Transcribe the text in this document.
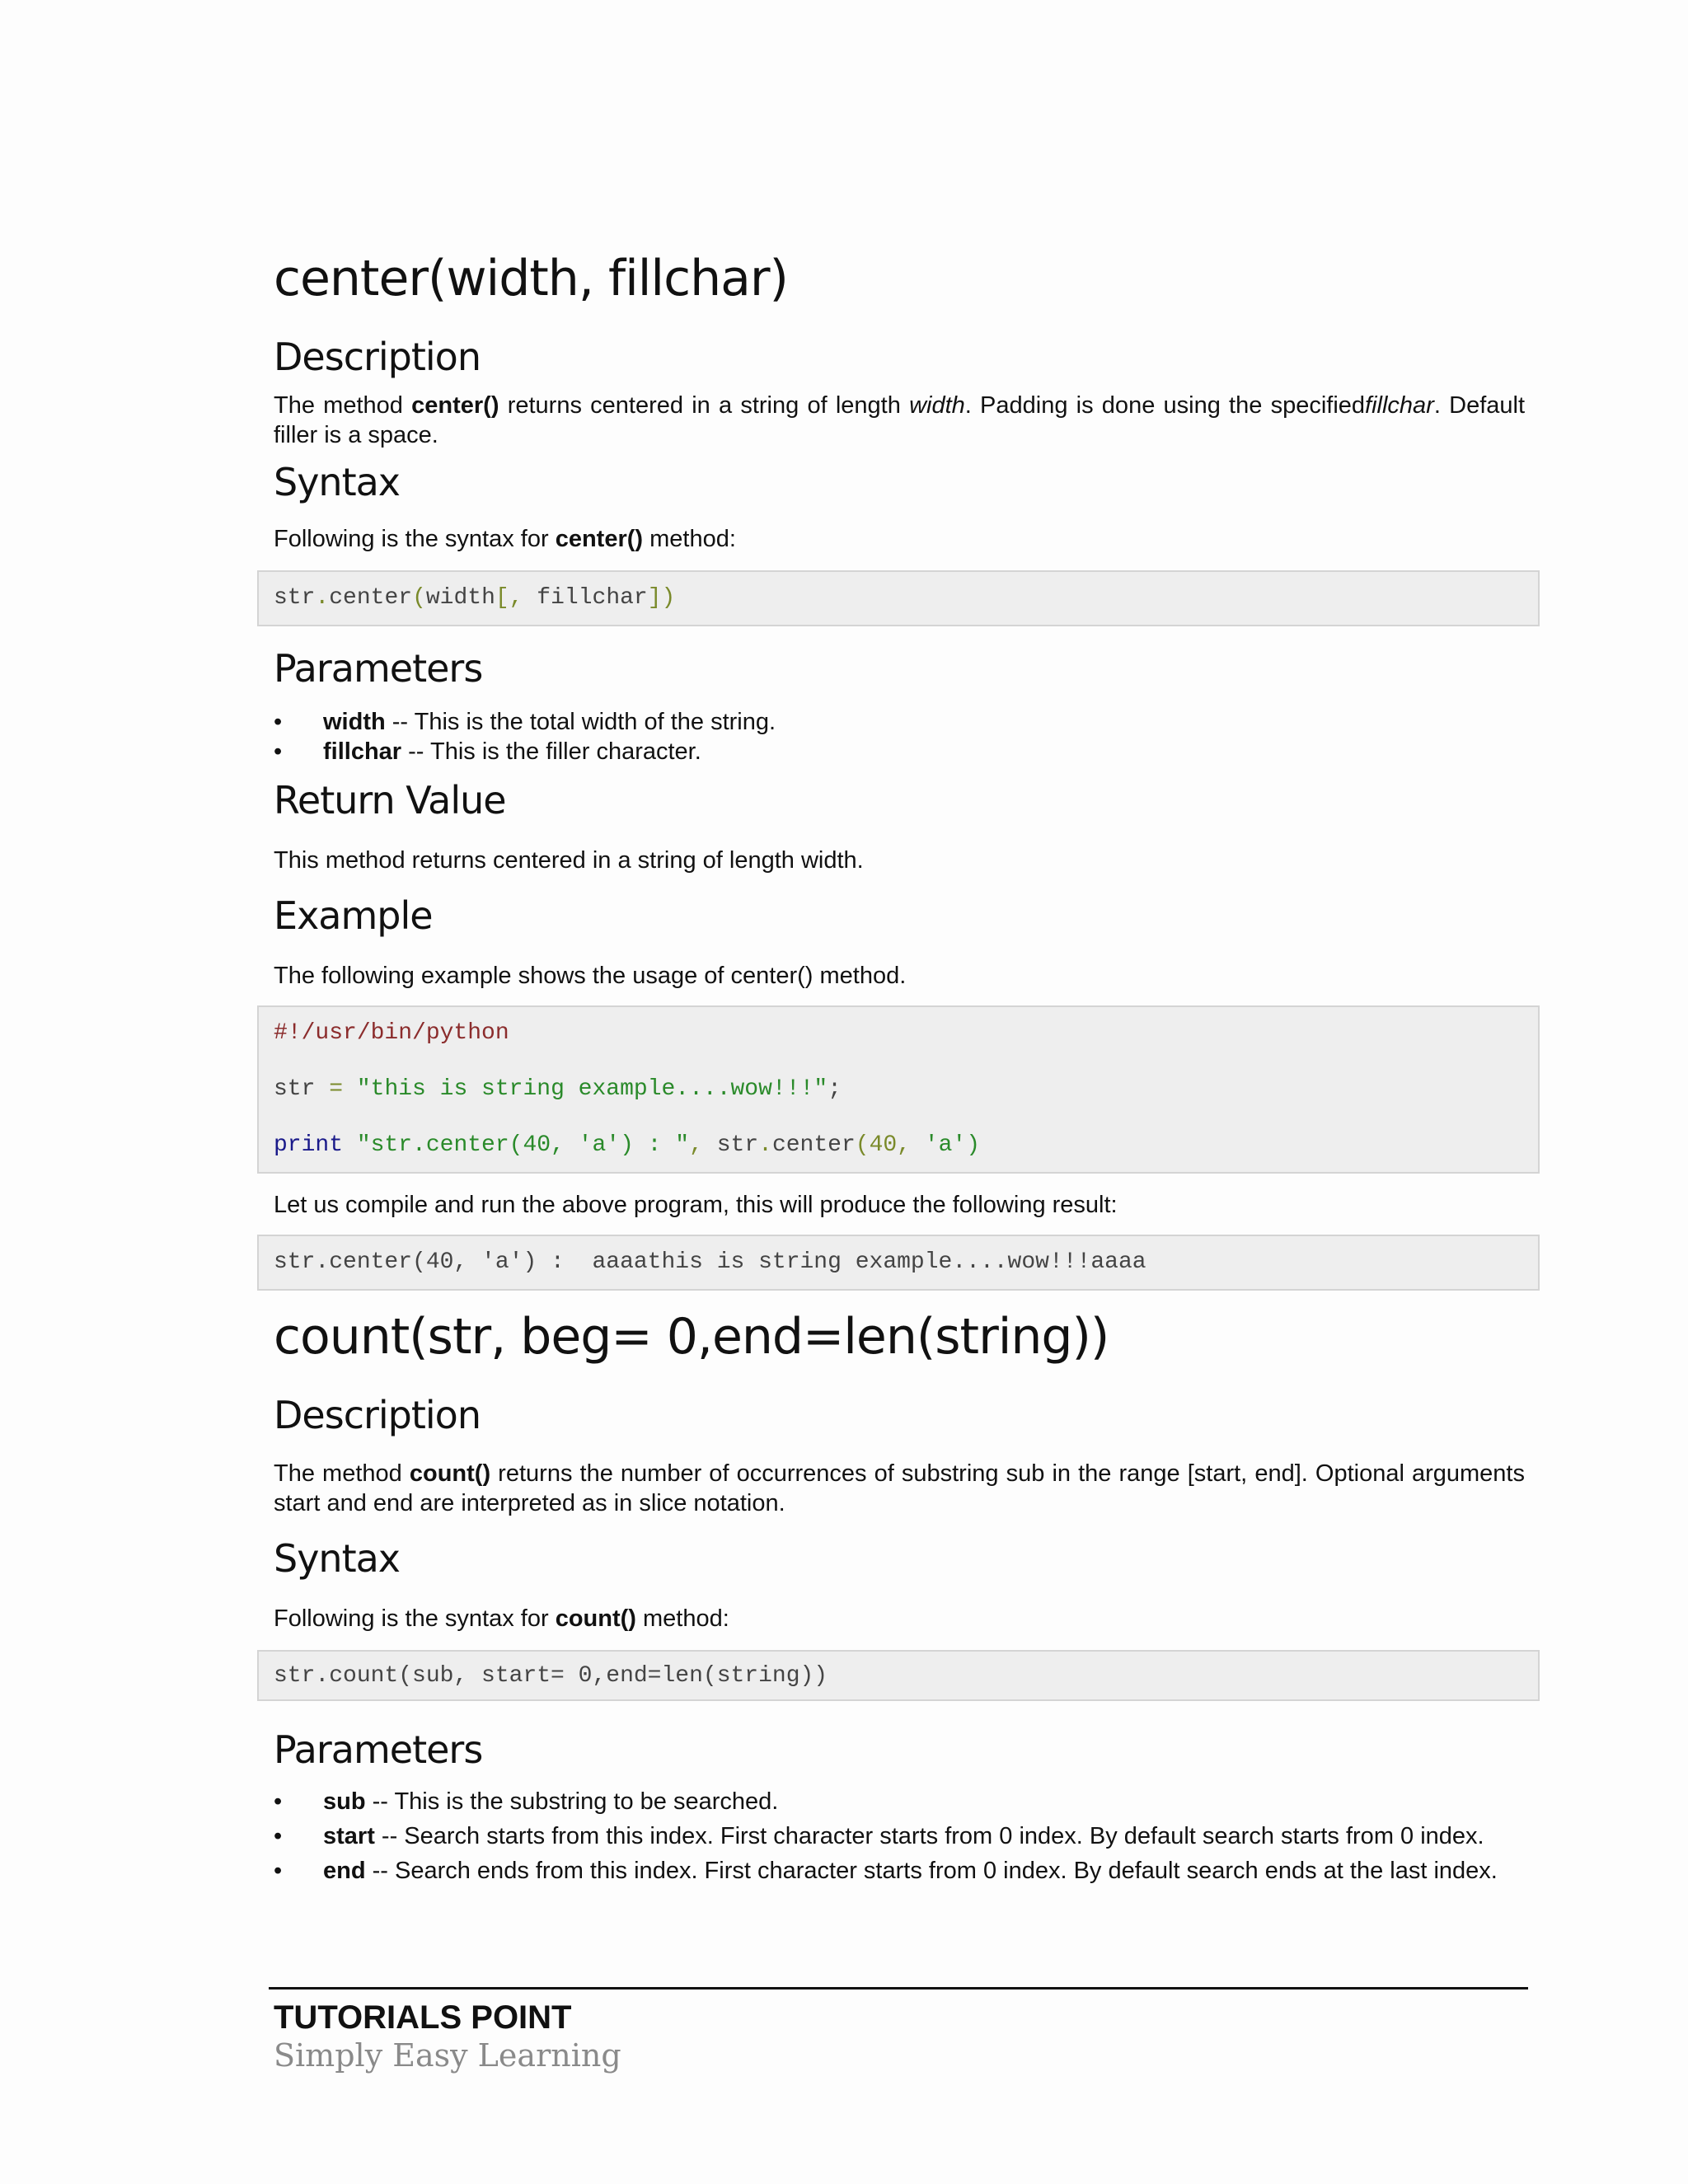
center(width, fillchar)
Description

The method center() returns centered in a string of length width. Padding is done using the specifiedfillchar. Default filler is a space.

Syntax

Following is the syntax for center() method:

str.center(width[, fillchar])
Parameters
• width -- This is the total width of the string.
• fillchar -- This is the filler character.
Return Value

This method returns centered in a string of length width.

Example

The following example shows the usage of center() method.

#!/usr/bin/python
str = "this is string example....wow!!!";
print "str.center(40, 'a') : ", str.center(40, 'a')

Let us compile and run the above program, this will produce the following result:

str.center(40, 'a') :  aaaathis is string example....wow!!!aaaa
count(str, beg= 0,end=len(string))
Description

The method count() returns the number of occurrences of substring sub in the range [start, end]. Optional arguments start and end are interpreted as in slice notation.

Syntax

Following is the syntax for count() method:

str.count(sub, start= 0,end=len(string))
Parameters
• sub -- This is the substring to be searched.
• start -- Search starts from this index. First character starts from 0 index. By default search starts from 0 index.
• end -- Search ends from this index. First character starts from 0 index. By default search ends at the last index.
TUTORIALS POINT
Simply Easy Learning
